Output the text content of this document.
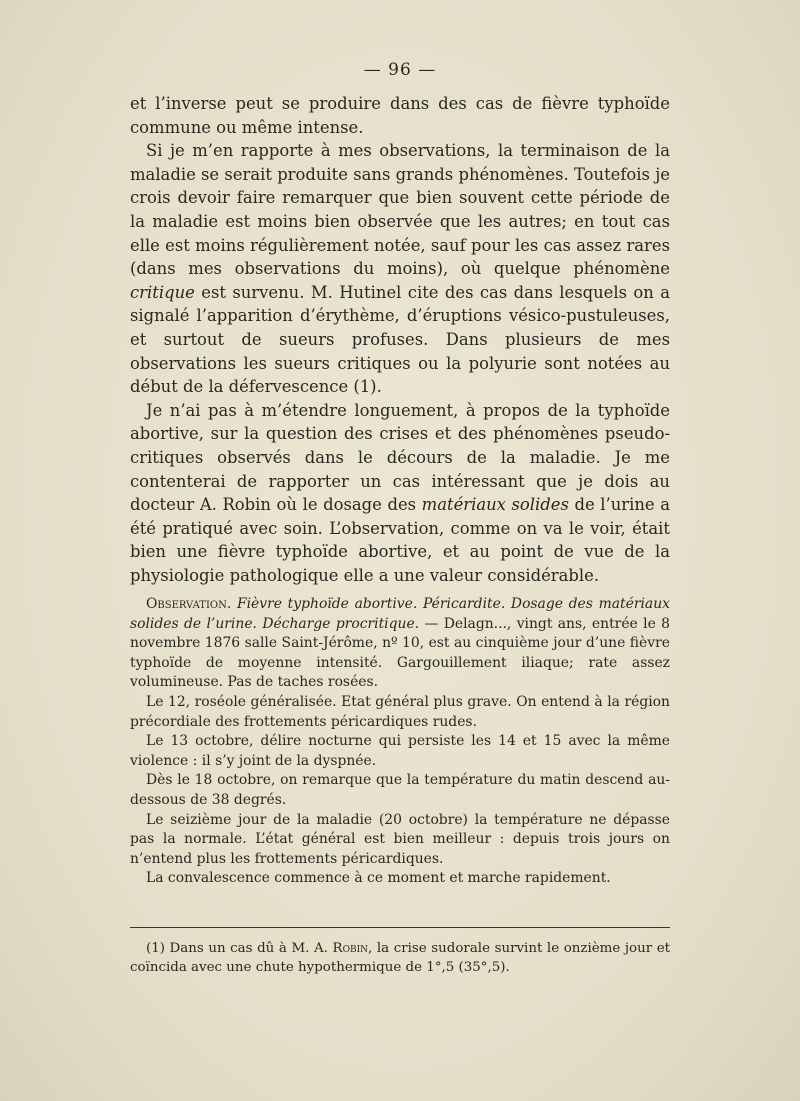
— 96 —

et l’inverse peut se produire dans des cas de fièvre typhoïde commune ou même intense.

Si je m’en rapporte à mes observations, la terminaison de la maladie se serait produite sans grands phénomènes. Toutefois je crois devoir faire remarquer que bien souvent cette période de la maladie est moins bien observée que les autres; en tout cas elle est moins régulièrement notée, sauf pour les cas assez rares (dans mes observations du moins), où quelque phénomène critique est survenu. M. Hutinel cite des cas dans lesquels on a signalé l’apparition d’érythème, d’éruptions vésico-pustuleuses, et surtout de sueurs profuses. Dans plusieurs de mes observations les sueurs critiques ou la polyurie sont notées au début de la défervescence (1).

Je n’ai pas à m’étendre longuement, à propos de la typhoïde abortive, sur la question des crises et des phénomènes pseudo-critiques observés dans le décours de la maladie. Je me contenterai de rapporter un cas intéressant que je dois au docteur A. Robin où le dosage des matériaux solides de l’urine a été pratiqué avec soin. L’observation, comme on va le voir, était bien une fièvre typhoïde abortive, et au point de vue de la physiologie pathologique elle a une valeur considérable.

Observation. Fièvre typhoïde abortive. Péricardite. Dosage des matériaux solides de l’urine. Décharge procritique. — Delagn..., vingt ans, entrée le 8 novembre 1876 salle Saint-Jérôme, nº 10, est au cinquième jour d’une fièvre typhoïde de moyenne intensité. Gargouillement iliaque; rate assez volumineuse. Pas de taches rosées.

Le 12, roséole généralisée. Etat général plus grave. On entend à la région précordiale des frottements péricardiques rudes.

Le 13 octobre, délire nocturne qui persiste les 14 et 15 avec la même violence : il s’y joint de la dyspnée.

Dès le 18 octobre, on remarque que la température du matin descend au-dessous de 38 degrés.

Le seizième jour de la maladie (20 octobre) la température ne dépasse pas la normale. L’état général est bien meilleur : depuis trois jours on n’entend plus les frottements péricardiques.

La convalescence commence à ce moment et marche rapidement.

(1) Dans un cas dû à M. A. Robin, la crise sudorale survint le onzième jour et coïncida avec une chute hypothermique de 1°,5 (35°,5).
